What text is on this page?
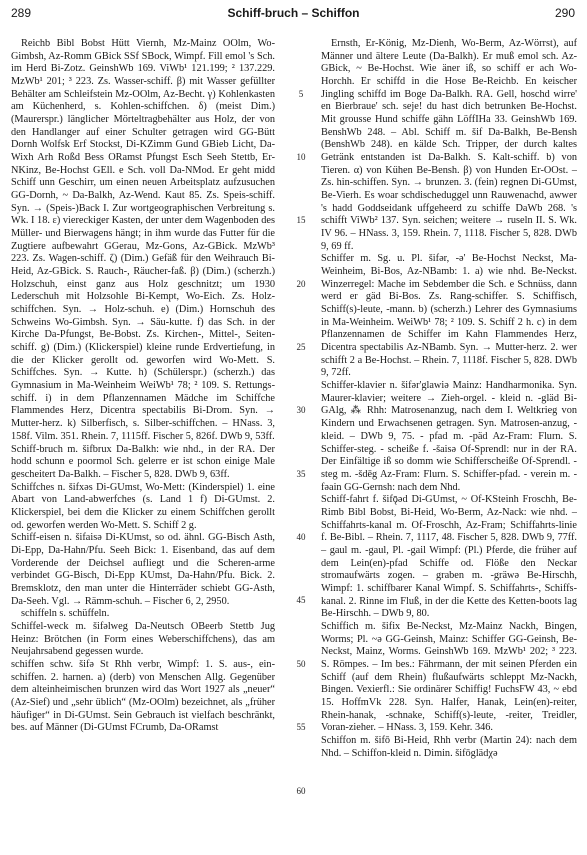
289	Schiff-bruch – Schiffon	290

Reichb Bibl Bobst Hütt Viernh, Mz-Mainz OOlm, Wo-Gimbsh, Az-Romm GBick SSf SBock, Wimpf. Fill emol 's Sch. im Herd Bi-Zotz. GeinshWb 169. ViWb¹ 121.199; ² 137.229. MzWb¹ 201; ³ 223. Zs. Wasser-schiff. β) mit Wasser gefüllter Behälter am Schleifstein Mz-OOlm, Az-Becht. γ) Kohlenkasten am Küchenherd, s. Kohlen-schiffchen. δ) (meist Dim.) (Maurerspr.) länglicher Mörteltragbehälter aus Holz, der von den Handlanger auf einer Schulter getragen wird GG-Bütt Dornh Wolfsk Erf Stockst, Di-KZimm Gund GBieb Licht, Da-Wixh Arh Roßd Bess ORamst Pfungst Esch Seeh Stettb, Er-NKinz, Be-Hochst GEll. e Sch. voll Da-NMod. Er geht midd Schiff unn Geschirr, um einen neuen Arbeitsplatz aufzusuchen GG-Dornh, ~ Da-Balkh, Az-Wend. Kaut 85. Zs. Speis-schiff. Syn. → (Speis-)Back I. Zur wortgeographischen Verbreitung s. Wk. I 18. ε) viereckiger Kasten, der unter dem Wagenboden des Müller- und Bierwagens hängt; in ihm wurde das Futter für die Zugtiere aufbewahrt GGerau, Mz-Gons, Az-GBick. MzWb³ 223. Zs. Wagen-schiff. ζ) (Dim.) Gefäß für den Weihrauch Bi-Heid, Az-GBick. S. Rauch-, Räucher-faß. β) (Dim.) (scherzh.) Holzschuh, einst ganz aus Holz geschnitzt; um 1930 Lederschuh mit Holzsohle Bi-Kempt, Wo-Eich. Zs. Holz-schiffchen. Syn. → Holz-schuh. e) (Dim.) Hornschuh des Schweins Wo-Gimbsh. Syn. → Säu-kutte. f) das Sch. in der Kirche Da-Pfungst, Be-Bobst. Zs. Kirchen-, Mittel-, Seiten-schiff. g) (Dim.) (Klickerspiel) kleine runde Erdvertiefung, in die der Klicker gerollt od. geworfen wird Wo-Mett. S. Schiffches. Syn. → Kutte. h) (Schülerspr.) (scherzh.) das Gymnasium in Ma-Weinheim WeiWb¹ 78; ² 109. S. Rettungs-schiff. i) in dem Pflanzennamen Mädche im Schiffche Flammendes Herz, Dicentra spectabilis Bi-Drom. Syn. → Mutter-herz. k) Silberfisch, s. Silber-schiffchen. – HNass. 3, 158f. Vilm. 351. Rhein. 7, 1115ff. Fischer 5, 826f. DWb 9, 53ff.

Schiff-bruch m. šifbrux Da-Balkh: wie nhd., in der RA. Der hodd schunn e poormol Sch. gelerre er ist schon einige Male gescheitert Da-Balkh. – Fischer 5, 828. DWb 9, 63ff.

Schiffches n. šifxəs Di-GUmst, Wo-Mett: (Kinderspiel) 1. eine Abart von Land-abwerfches (s. Land 1 f) Di-GUmst. 2. Klickerspiel, bei dem die Klicker zu einem Schiffchen gerollt od. geworfen werden Wo-Mett. S. Schiff 2 g.

Schiff-eisen n. šifaisə Di-KUmst, so od. ähnl. GG-Bisch Asth, Di-Epp, Da-Hahn/Pfu. Seeh Bick: 1. Eisenband, das auf dem Vorderende der Deichsel aufliegt und die Scheren-arme verbindet GG-Bisch, Di-Epp KUmst, Da-Hahn/Pfu. Bick. 2. Bremsklotz, den man unter die Hinterräder schiebt GG-Asth, Da-Seeh. Vgl. → Rämm-schuh. – Fischer 6, 2, 2950.

schiffeln s. schüffeln.

Schiffel-weck m. šifəlweg Da-Neutsch OBeerb Stettb Jug Heinz: Brötchen (in Form eines Weberschiffchens), das am Neujahrsabend gegessen wurde.

schiffen schw. šifə St Rhh verbr, Wimpf: 1. S. aus-, ein-schiffen. 2. harnen. a) (derb) von Menschen Allg. Gegenüber dem alteinheimischen brunzen wird das Wort 1927 als „neuer“ (Az-Sief) und „sehr üblich“ (Mz-OOlm) bezeichnet, als „früher häufiger“ in Di-GUmst. Sein Gebrauch ist vielfach beschränkt, bes. auf Männer (Di-GUmst FCrumb, Da-ORamst

5
10
15
20
25
30
35
40
45
50
55
60

Ernsth, Er-König, Mz-Dienh, Wo-Berm, Az-Wörrst), auf Männer und ältere Leute (Da-Balkh). Er muß emol sch. Az-GBick, ~ Be-Hochst. Wie äner iß, so schiff er ach Wo-Horchh. Er schiffd in die Hose Be-Reichb. En keischer Jingling schiffd im Boge Da-Balkh. RA. Gell, hoschd wirre' en Bierbraue' sch. seje! du hast dich betrunken Be-Hochst. Mit grousse Hund schiffe gähn LöffIHa 33. GeinshWb 169. BenshWb 248. – Abl. Schiff m. šif Da-Balkh, Be-Bensh (BenshWb 248). en kälde Sch. Tripper, der durch kaltes Getränk entstanden ist Da-Balkh. S. Kalt-schiff. b) von Tieren. α) von Kühen Be-Bensh. β) von Hunden Er-OOst. – Zs. hin-schiffen. Syn. → brunzen. 3. (fein) regnen Di-GUmst, Be-Vierh. Es woar schdischeduggel unn Rauwenachd, awwer 's hadd Goddseidank uffgeheerd zu schiffe DaWb 268. 's schifft ViWb² 137. Syn. seichen; weitere → ruseln II. S. Wk. IV 96. – HNass. 3, 159. Rhein. 7, 1118. Fischer 5, 828. DWb 9, 69 ff.

Schiffer m. Sg. u. Pl. šifər, -ə' Be-Hochst Neckst, Ma-Weinheim, Bi-Bos, Az-NBamb: 1. a) wie nhd. Be-Neckst. Winzerregel: Mache im Sebdember die Sch. e Schnüss, dann werd er gäd Bi-Bos. Zs. Rang-schiffer. S. Schiffisch, Schiff(s)-leute, -mann. b) (scherzh.) Lehrer des Gymnasiums in Ma-Weinheim. WeiWb¹ 78; ² 109. S. Schiff 2 h. c) in dem Pflanzennamen de Schiffer im Kahn Flammendes Herz, Dicentra spectabilis Az-NBamb. Syn. → Mutter-herz. 2. wer schifft 2 a Be-Hochst. – Rhein. 7, 1118f. Fischer 5, 828. DWb 9, 72ff.

Schiffer-klavier n. šifər'glawiə Mainz: Handharmonika. Syn. Maurer-klavier; weitere → Zieh-orgel. - kleid n. -gläd Bi-GAlg, ⁂ Rhh: Matrosenanzug, nach dem I. Weltkrieg von Kindern und Erwachsenen getragen. Syn. Matrosen-anzug, -kleid. – DWb 9, 75. - pfad m. -päd Az-Fram: Flurn. S. Schiffer-steg. - scheiße f. -šaisə Of-Sprendl: nur in der RA. Der Einfältige iß so domm wie Schifferscheiße Of-Sprendl. - steg m. -šdēg Az-Fram: Flurn. S. Schiffer-pfad. - verein m. -fəain GG-Gernsh: nach dem Nhd.

Schiff-fahrt f. šifǭəd Di-GUmst, ~ Of-KSteinh Froschh, Be-Rimb Bibl Bobst, Bi-Heid, Wo-Berm, Az-Nack: wie nhd. – Schiffahrts-kanal m. Of-Froschh, Az-Fram; Schiffahrts-linie f. Be-Bibl. – Rhein. 7, 1117, 48. Fischer 5, 828. DWb 9, 77ff. – gaul m. -gaul, Pl. -gail Wimpf: (Pl.) Pferde, die früher auf dem Lein(en)-pfad Schiffe od. Flöße den Neckar stromaufwärts zogen. – graben m. -gräwə Be-Hirschh, Wimpf: 1. schiffbarer Kanal Wimpf. S. Schiffahrts-, Schiffs-kanal. 2. Rinne im Fluß, in der die Kette des Ketten-boots lag Be-Hirschh. – DWb 9, 80.

Schiffich m. šifix Be-Neckst, Mz-Mainz Nackh, Bingen, Worms; Pl. ~ə GG-Geinsh, Mainz: Schiffer GG-Geinsh, Be-Neckst, Mainz, Worms. GeinshWb 169. MzWb¹ 202; ³ 223. S. Römpes. – Im bes.: Fährmann, der mit seinen Pferden ein Schiff (auf dem Rhein) flußaufwärts schleppt Mz-Nackh, Bingen. Vexierfl.: Sie ordinärer Schiffig! FuchsFW 43, ~ ebd 15. HoffmVk 228. Syn. Halfer, Hanak, Lein(en)-reiter, Rhein-hanak, -schnake, Schiff(s)-leute, -reiter, Treidler, Voran-zieher. – HNass. 3, 159. Kehr. 346.

Schiffon m. šifō Bi-Heid, Rhh verbr (Martin 24): nach dem Nhd. – Schiffon-kleid n. Dimin. šifōglädχə
